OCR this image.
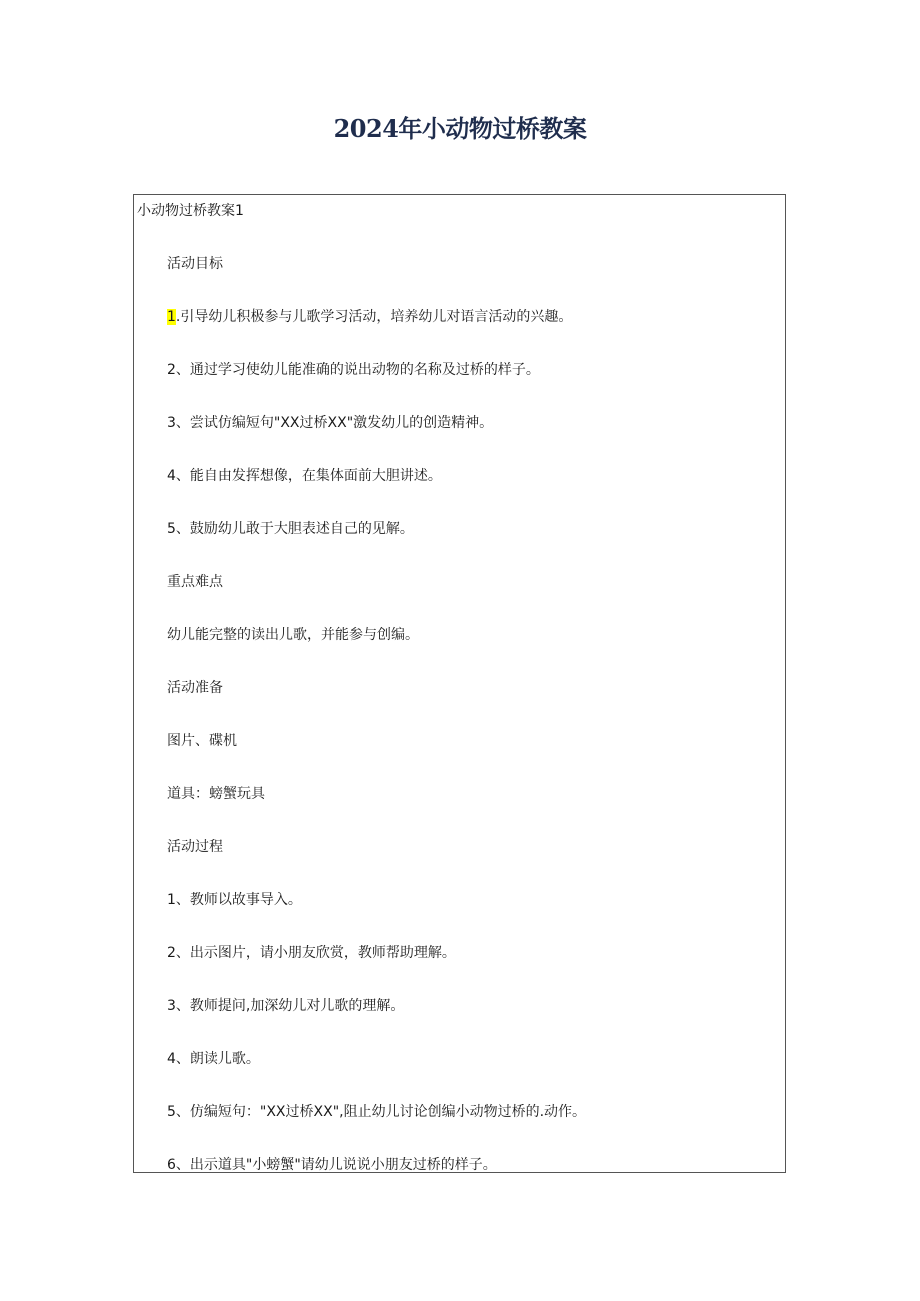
2024年小动物过桥教案
小动物过桥教案1
活动目标
1.引导幼儿积极参与儿歌学习活动，培养幼儿对语言活动的兴趣。
2、通过学习使幼儿能准确的说出动物的名称及过桥的样子。
3、尝试仿编短句"XX过桥XX"激发幼儿的创造精神。
4、能自由发挥想像，在集体面前大胆讲述。
5、鼓励幼儿敢于大胆表述自己的见解。
重点难点
幼儿能完整的读出儿歌，并能参与创编。
活动准备
图片、碟机
道具：螃蟹玩具
活动过程
1、教师以故事导入。
2、出示图片，请小朋友欣赏，教师帮助理解。
3、教师提问,加深幼儿对儿歌的理解。
4、朗读儿歌。
5、仿编短句："XX过桥XX",阻止幼儿讨论创编小动物过桥的.动作。
6、出示道具"小螃蟹"请幼儿说说小朋友过桥的样子。
